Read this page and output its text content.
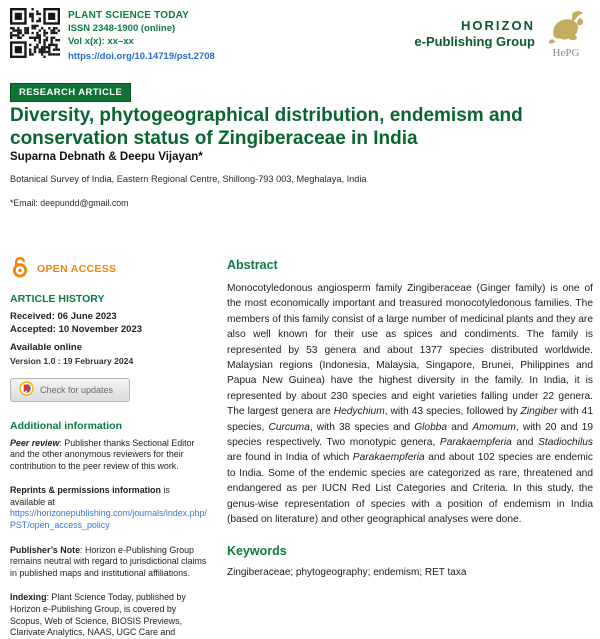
PLANT SCIENCE TODAY
ISSN 2348-1900 (online)
Vol x(x): xx–xx
https://doi.org/10.14719/pst.2708
HORIZON
e-Publishing Group
HePG
RESEARCH ARTICLE
Diversity, phytogeographical distribution, endemism and conservation status of Zingiberaceae in India
Suparna Debnath & Deepu Vijayan*
Botanical Survey of India, Eastern Regional Centre, Shillong-793 003, Meghalaya, India
*Email: deepundd@gmail.com
OPEN ACCESS
ARTICLE HISTORY
Received: 06 June 2023
Accepted: 10 November 2023
Available online
Version 1.0 : 19 February 2024
Check for updates
Additional information

Peer review: Publisher thanks Sectional Editor and the other anonymous reviewers for their contribution to the peer review of this work.

Reprints & permissions information is available at https://horizonepublishing.com/journals/index.php/PST/open_access_policy

Publisher’s Note: Horizon e-Publishing Group remains neutral with regard to jurisdictional claims in published maps and institutional affiliations.

Indexing: Plant Science Today, published by Horizon e-Publishing Group, is covered by Scopus, Web of Science, BIOSIS Previews, Clarivate Analytics, NAAS, UGC Care and

Abstract

Monocotyledonous angiosperm family Zingiberaceae (Ginger family) is one of the most economically important and treasured monocotyledonous families. The members of this family consist of a large number of medicinal plants and they are also well known for their use as spices and condiments. The family is represented by 53 genera and about 1377 species distributed worldwide. Malaysian regions (Indonesia, Malaysia, Singapore, Brunei, Philippines and Papua New Guinea) have the highest diversity in the family. In India, it is represented by about 230 species and eight varieties falling under 22 genera. The largest genera are Hedychium, with 43 species, followed by Zingiber with 41 species, Curcuma, with 38 species and Globba and Amomum, with 20 and 19 species respectively. Two monotypic genera, Parakaempferia and Stadiochilus are found in India of which Parakaempferia and about 102 species are endemic to India. Some of the endemic species are categorized as rare, threatened and endangered as per IUCN Red List Categories and Criteria. In this study, the genus-wise representation of species with a position of endemism in India (based on literature) and other geographical analyses were done.

Keywords
Zingiberaceae; phytogeography; endemism; RET taxa
